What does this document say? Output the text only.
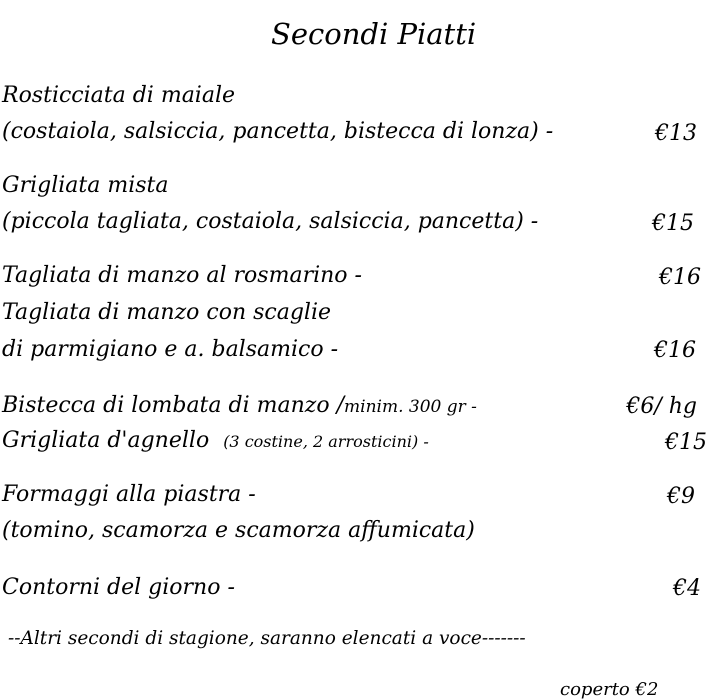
Secondi Piatti
Rosticciata di maiale
(costaiola, salsiccia, pancetta, bistecca di lonza) -	€13
Grigliata mista
(piccola tagliata, costaiola, salsiccia, pancetta) -	€15
Tagliata di manzo al rosmarino -	€16
Tagliata di manzo con scaglie
di parmigiano e a. balsamico -	€16
Bistecca di lombata di manzo /minim. 300 gr -	€6/ hg
Grigliata d'agnello (3 costine, 2 arrosticini) -	€15
Formaggi alla piastra -	€9
(tomino, scamorza e scamorza affumicata)
Contorni del giorno -	€4
--Altri secondi di stagione, saranno elencati a voce-------
coperto €2
